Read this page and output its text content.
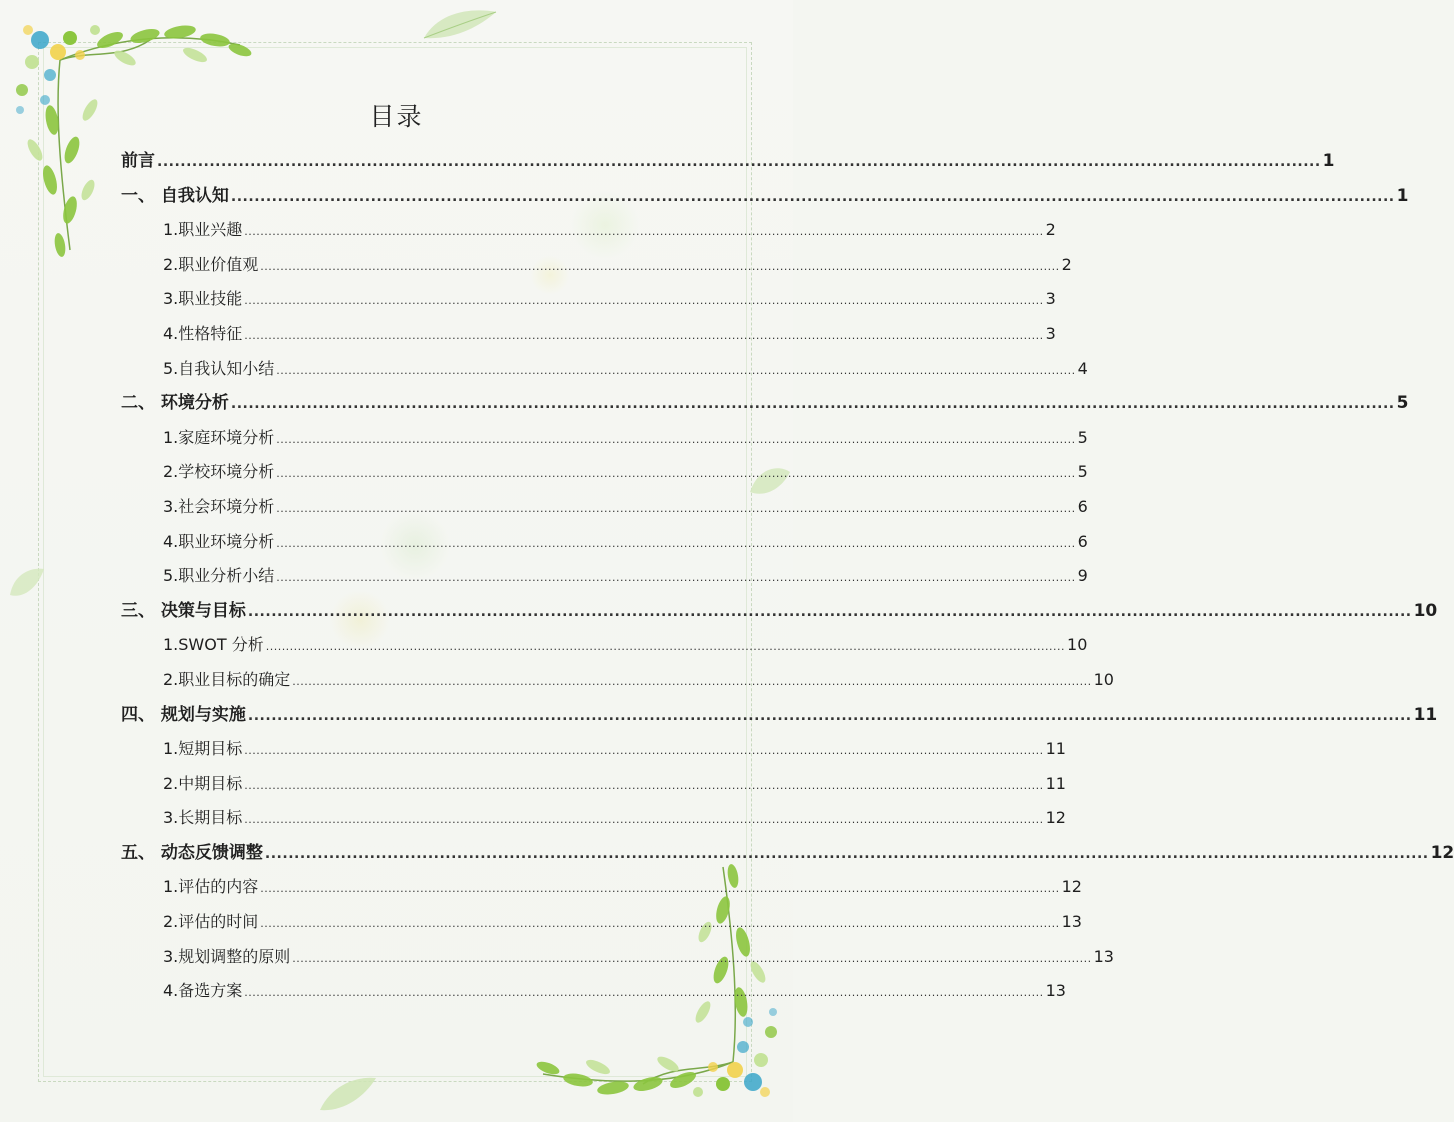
目录
前言 ........................................................................................................................................................................................................ 1
一、 自我认知 ........................................................................................................................................................................................................ 1
1.职业兴趣 ........................................................................................................................................................................................................ 2
2.职业价值观 ........................................................................................................................................................................................................ 2
3.职业技能 ........................................................................................................................................................................................................ 3
4.性格特征 ........................................................................................................................................................................................................ 3
5.自我认知小结 ........................................................................................................................................................................................................ 4
二、 环境分析 ........................................................................................................................................................................................................ 5
1.家庭环境分析 ........................................................................................................................................................................................................ 5
2.学校环境分析 ........................................................................................................................................................................................................ 5
3.社会环境分析 ........................................................................................................................................................................................................ 6
4.职业环境分析 ........................................................................................................................................................................................................ 6
5.职业分析小结 ........................................................................................................................................................................................................ 9
三、 决策与目标 ........................................................................................................................................................................................................ 10
1.SWOT 分析 ........................................................................................................................................................................................................ 10
2.职业目标的确定 ........................................................................................................................................................................................................ 10
四、 规划与实施 ........................................................................................................................................................................................................ 11
1.短期目标 ........................................................................................................................................................................................................ 11
2.中期目标 ........................................................................................................................................................................................................ 11
3.长期目标 ........................................................................................................................................................................................................ 12
五、 动态反馈调整 ........................................................................................................................................................................................................ 12
1.评估的内容 ........................................................................................................................................................................................................ 12
2.评估的时间 ........................................................................................................................................................................................................ 13
3.规划调整的原则 ........................................................................................................................................................................................................ 13
4.备选方案 ........................................................................................................................................................................................................ 13
